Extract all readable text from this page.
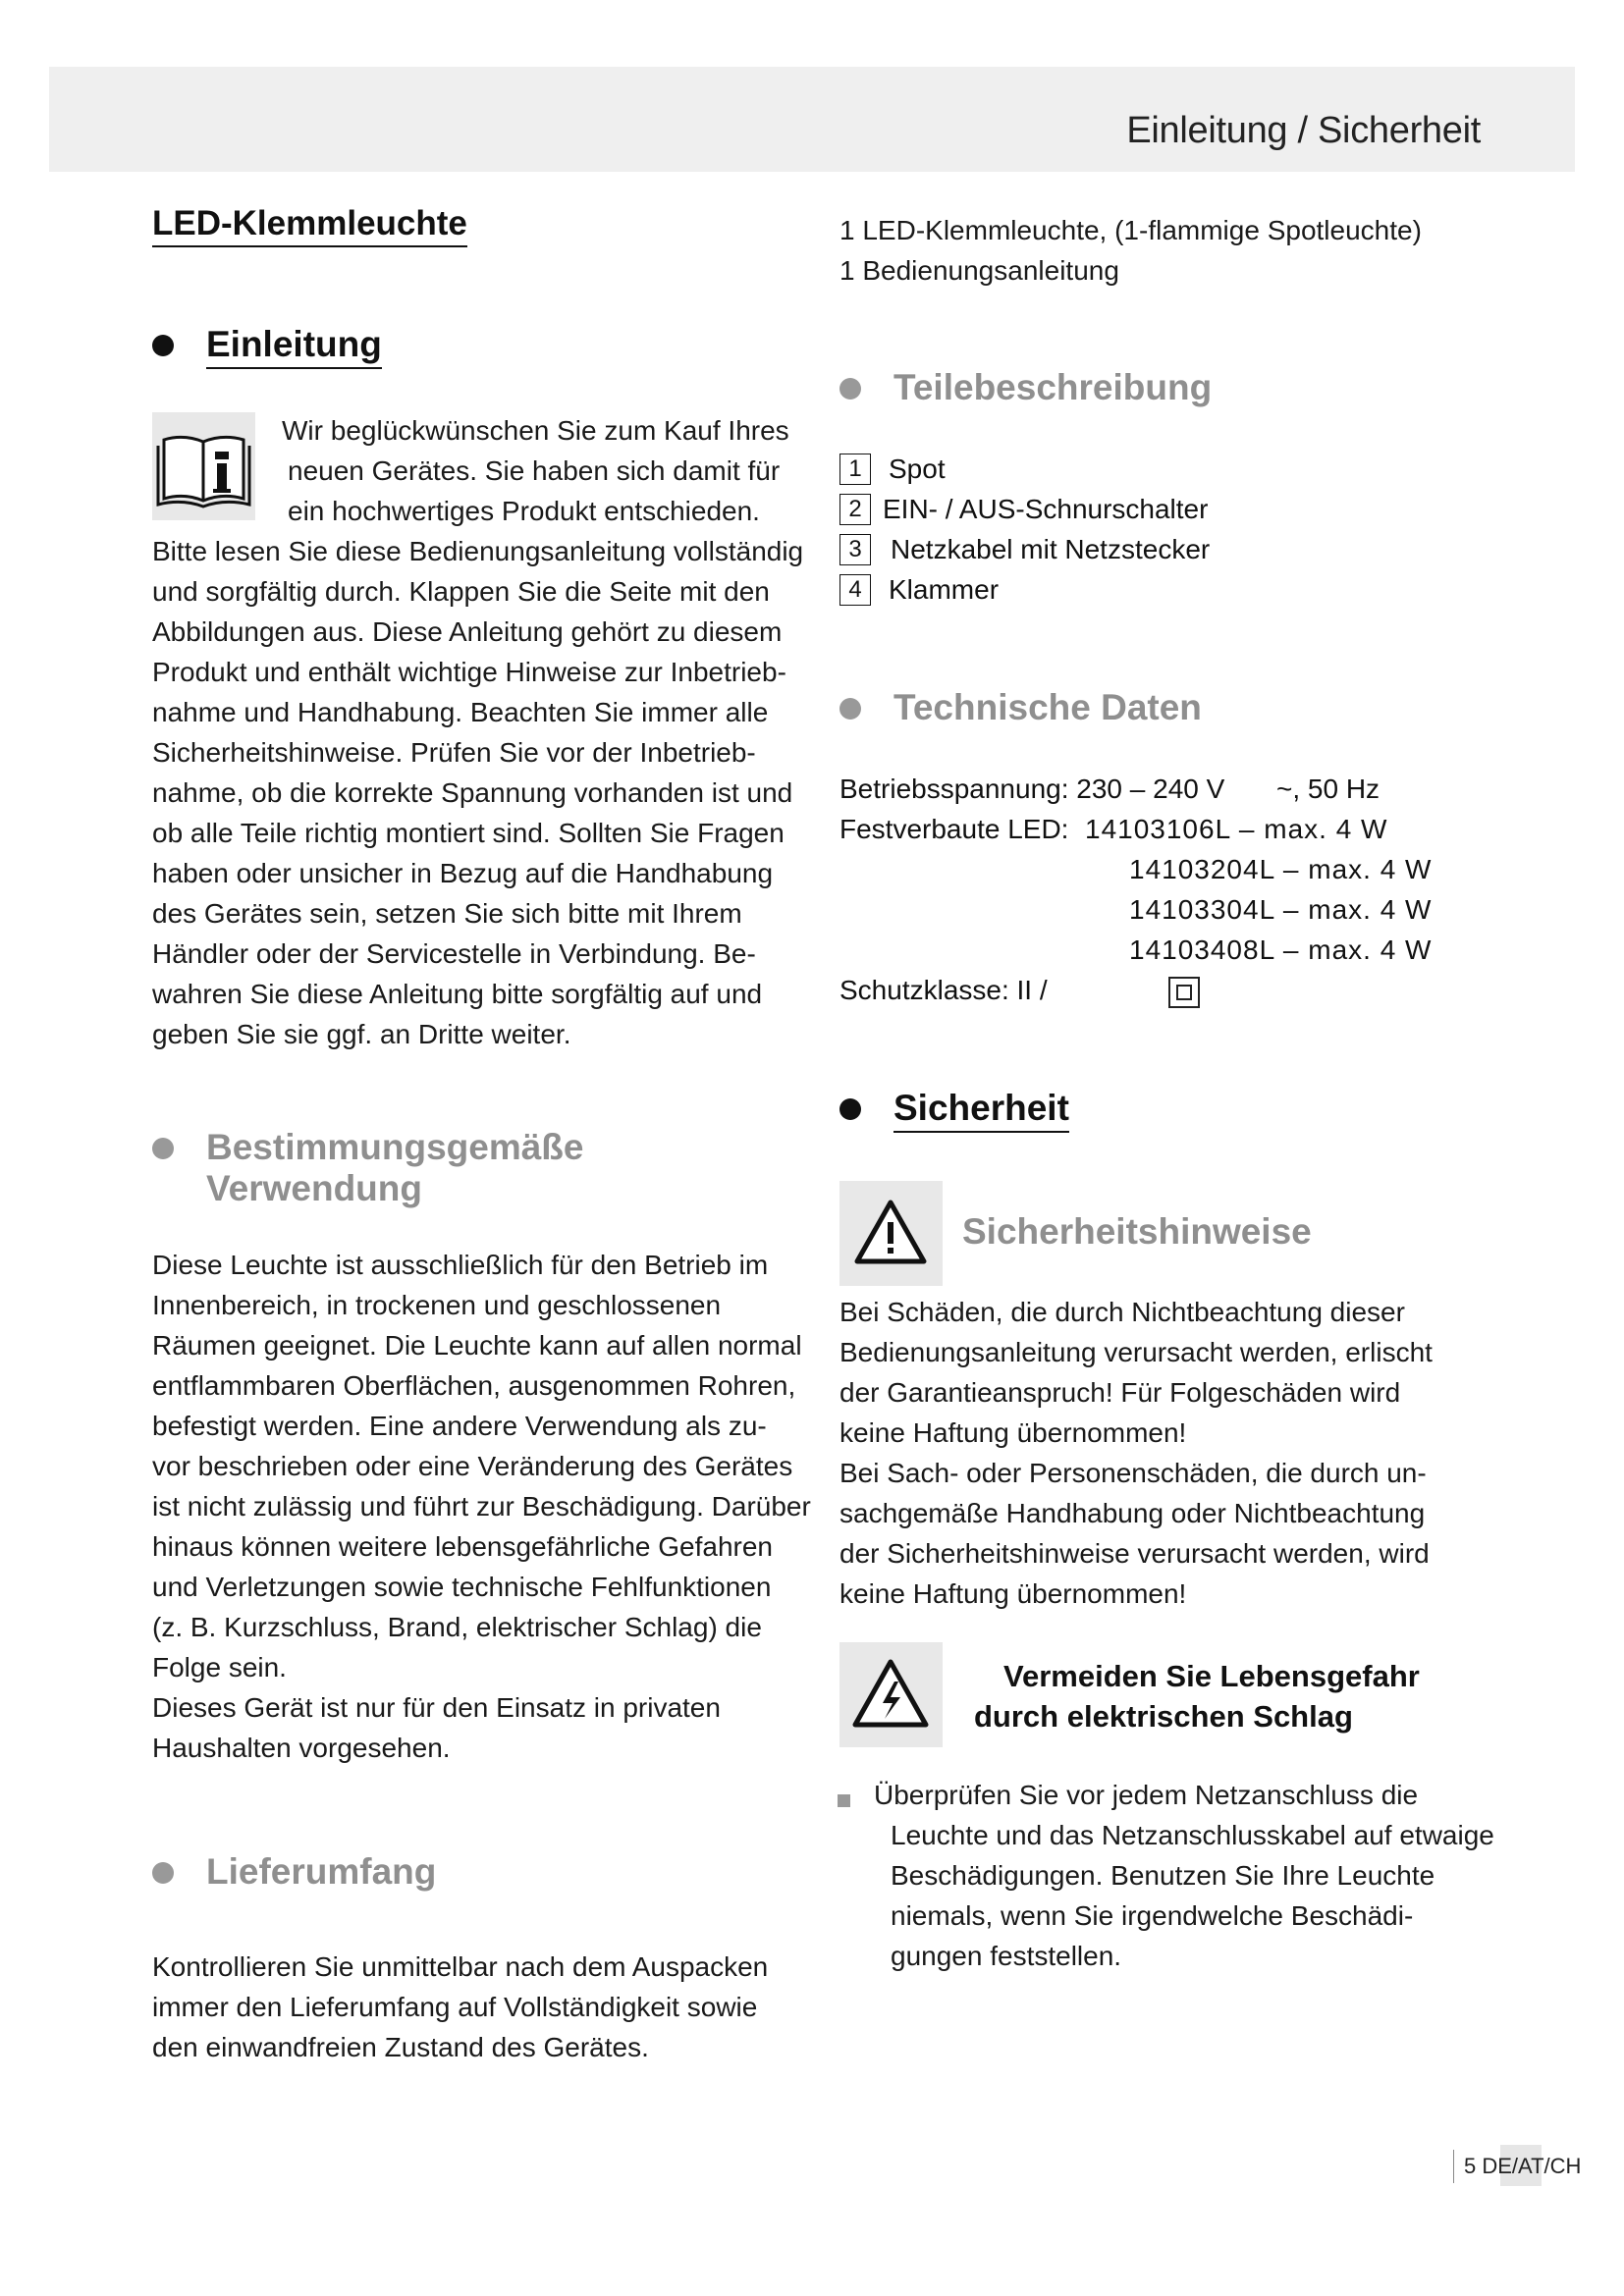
Einleitung / Sicherheit
LED-Klemmleuchte
Einleitung

Wir beglückwünschen Sie zum Kauf Ihres

neuen Gerätes. Sie haben sich damit für

ein hochwertiges Produkt entschieden.

Bitte lesen Sie diese Bedienungsanleitung vollständig

und sorgfältig durch. Klappen Sie die Seite mit den

Abbildungen aus. Diese Anleitung gehört zu diesem

Produkt und enthält wichtige Hinweise zur Inbetrieb-

nahme und Handhabung. Beachten Sie immer alle

Sicherheitshinweise. Prüfen Sie vor der Inbetrieb-

nahme, ob die korrekte Spannung vorhanden ist und

ob alle Teile richtig montiert sind. Sollten Sie Fragen

haben oder unsicher in Bezug auf die Handhabung

des Gerätes sein, setzen Sie sich bitte mit Ihrem

Händler oder der Servicestelle in Verbindung. Be-

wahren Sie diese Anleitung bitte sorgfältig auf und

geben Sie sie ggf. an Dritte weiter.

Bestimmungsgemäße
Verwendung

Diese Leuchte ist ausschließlich für den Betrieb im

Innenbereich, in trockenen und geschlossenen

Räumen geeignet. Die Leuchte kann auf allen normal

entflammbaren Oberflächen, ausgenommen Rohren,

befestigt werden. Eine andere Verwendung als zu-

vor beschrieben oder eine Veränderung des Gerätes

ist nicht zulässig und führt zur Beschädigung. Darüber

hinaus können weitere lebensgefährliche Gefahren

und Verletzungen sowie technische Fehlfunktionen

(z. B. Kurzschluss, Brand, elektrischer Schlag) die

Folge sein.

Dieses Gerät ist nur für den Einsatz in privaten

Haushalten vorgesehen.

Lieferumfang

Kontrollieren Sie unmittelbar nach dem Auspacken

immer den Lieferumfang auf Vollständigkeit sowie

den einwandfreien Zustand des Gerätes.

1 LED-Klemmleuchte, (1-flammige Spotleuchte)

1 Bedienungsanleitung

Teilebeschreibung
1 Spot
2 EIN- / AUS-Schnurschalter
3	Netzkabel mit Netzstecker
4 Klammer
Technische Daten
Betriebsspannung: 230 – 240 V ~, 50 Hz
Festverbaute LED: 14103106L – max. 4 W
14103204L – max. 4 W
14103304L – max. 4 W
14103408L – max. 4 W
Schutzklasse: II /
Sicherheit
Sicherheitshinweise

Bei Schäden, die durch Nichtbeachtung dieser

Bedienungsanleitung verursacht werden, erlischt

der Garantieanspruch! Für Folgeschäden wird

keine Haftung übernommen!

Bei Sach- oder Personenschäden, die durch un-

sachgemäße Handhabung oder Nichtbeachtung

der Sicherheitshinweise verursacht werden, wird

keine Haftung übernommen!

Vermeiden Sie Lebensgefahr
durch elektrischen Schlag

Überprüfen Sie vor jedem Netzanschluss die

Leuchte und das Netzanschlusskabel auf etwaige

Beschädigungen. Benutzen Sie Ihre Leuchte

niemals, wenn Sie irgendwelche Beschädi-

gungen feststellen.

5 DE/AT/CH
